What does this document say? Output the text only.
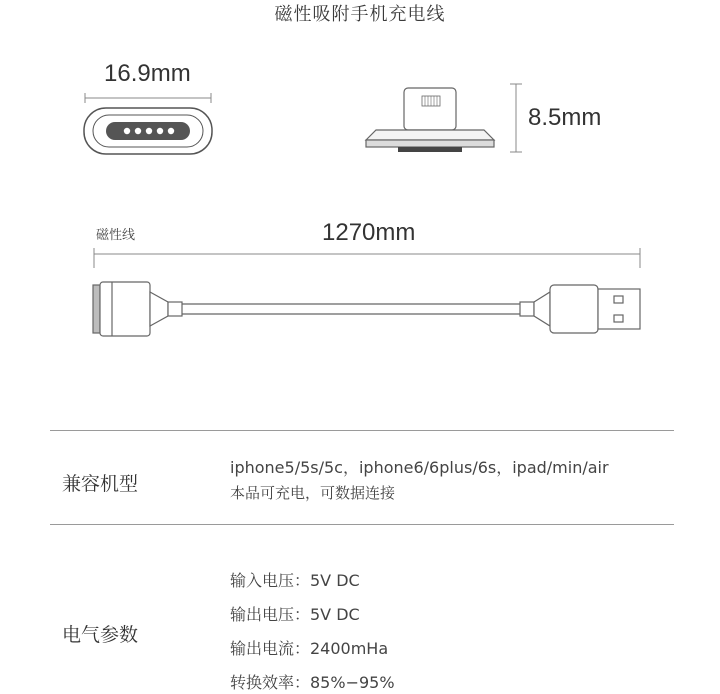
磁性吸附手机充电线
16.9mm
8.5mm
磁性线	1270mm
兼容机型
iphone5/5s/5c，iphone6/6plus/6s，ipad/min/air
本品可充电，可数据连接
电气参数
输入电压：5V DC
输出电压：5V DC
输出电流：2400mHa
转换效率：85%−95%
